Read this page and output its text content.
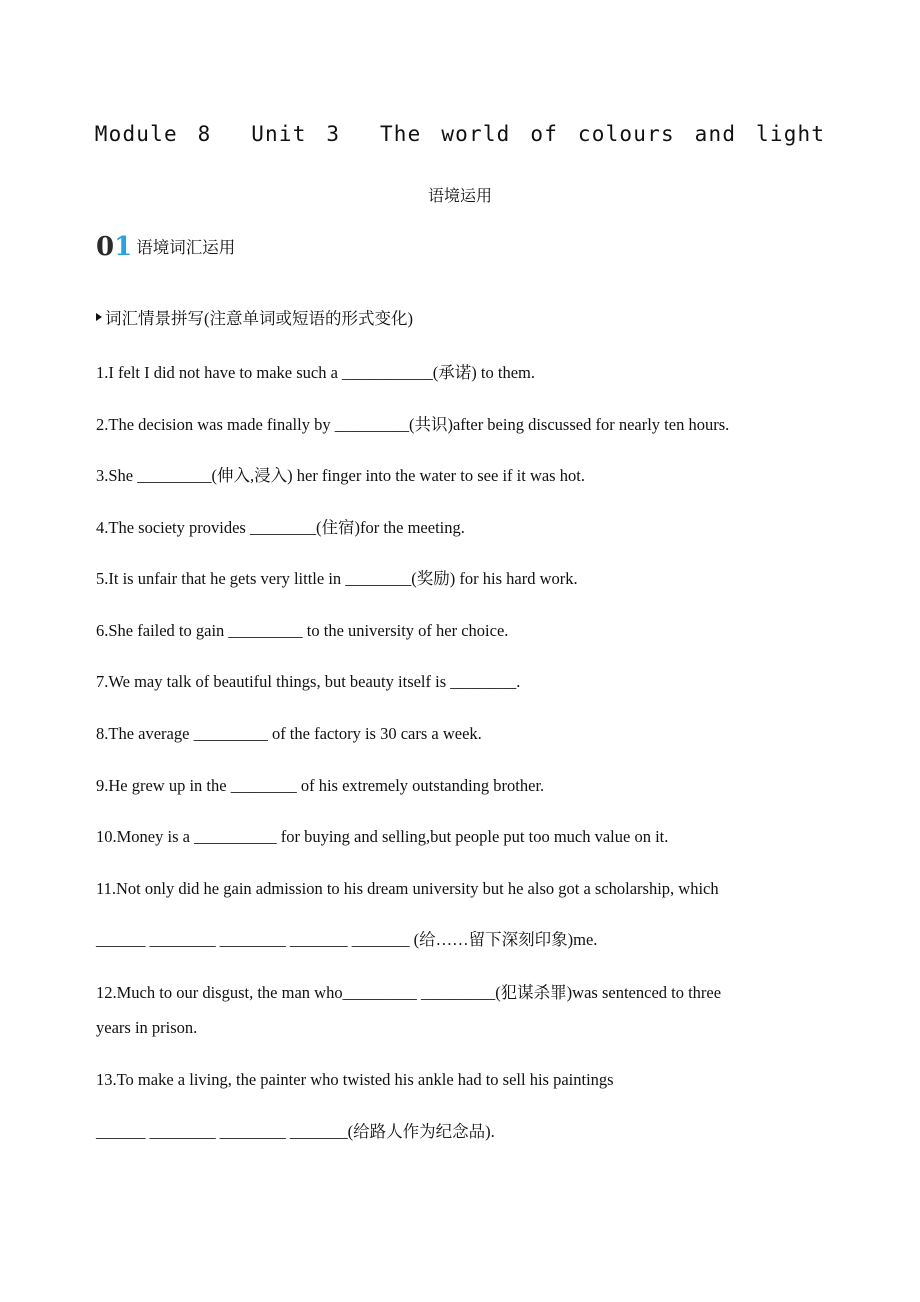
Module 8  Unit 3  The world of colours and light
语境运用
01 语境词汇运用
词汇情景拼写(注意单词或短语的形式变化)
1.I felt I did not have to make such a ___________(承诺) to them.
2.The decision was made finally by _________(共识)after being discussed for nearly ten hours.
3.She _________(伸入,浸入) her finger into the water to see if it was hot.
4.The society provides ________(住宿)for the meeting.
5.It is unfair that he gets very little in ________(奖励) for his hard work.
6.She failed to gain _________ to the university of her choice.
7.We may talk of beautiful things, but beauty itself is ________.
8.The average _________ of the factory is 30 cars a week.
9.He grew up in the ________ of his extremely outstanding brother.
10.Money is a __________ for buying and selling,but people put too much value on it.
11.Not only did he gain admission to his dream university but he also got a scholarship, which
______ ________ ________ _______ _______ (给……留下深刻印象)me.
12.Much to our disgust, the man who_________ _________(犯谋杀罪)was sentenced to three
years in prison.
13.To make a living, the painter who twisted his ankle had to sell his paintings
______ ________ ________ _______(给路人作为纪念品).
